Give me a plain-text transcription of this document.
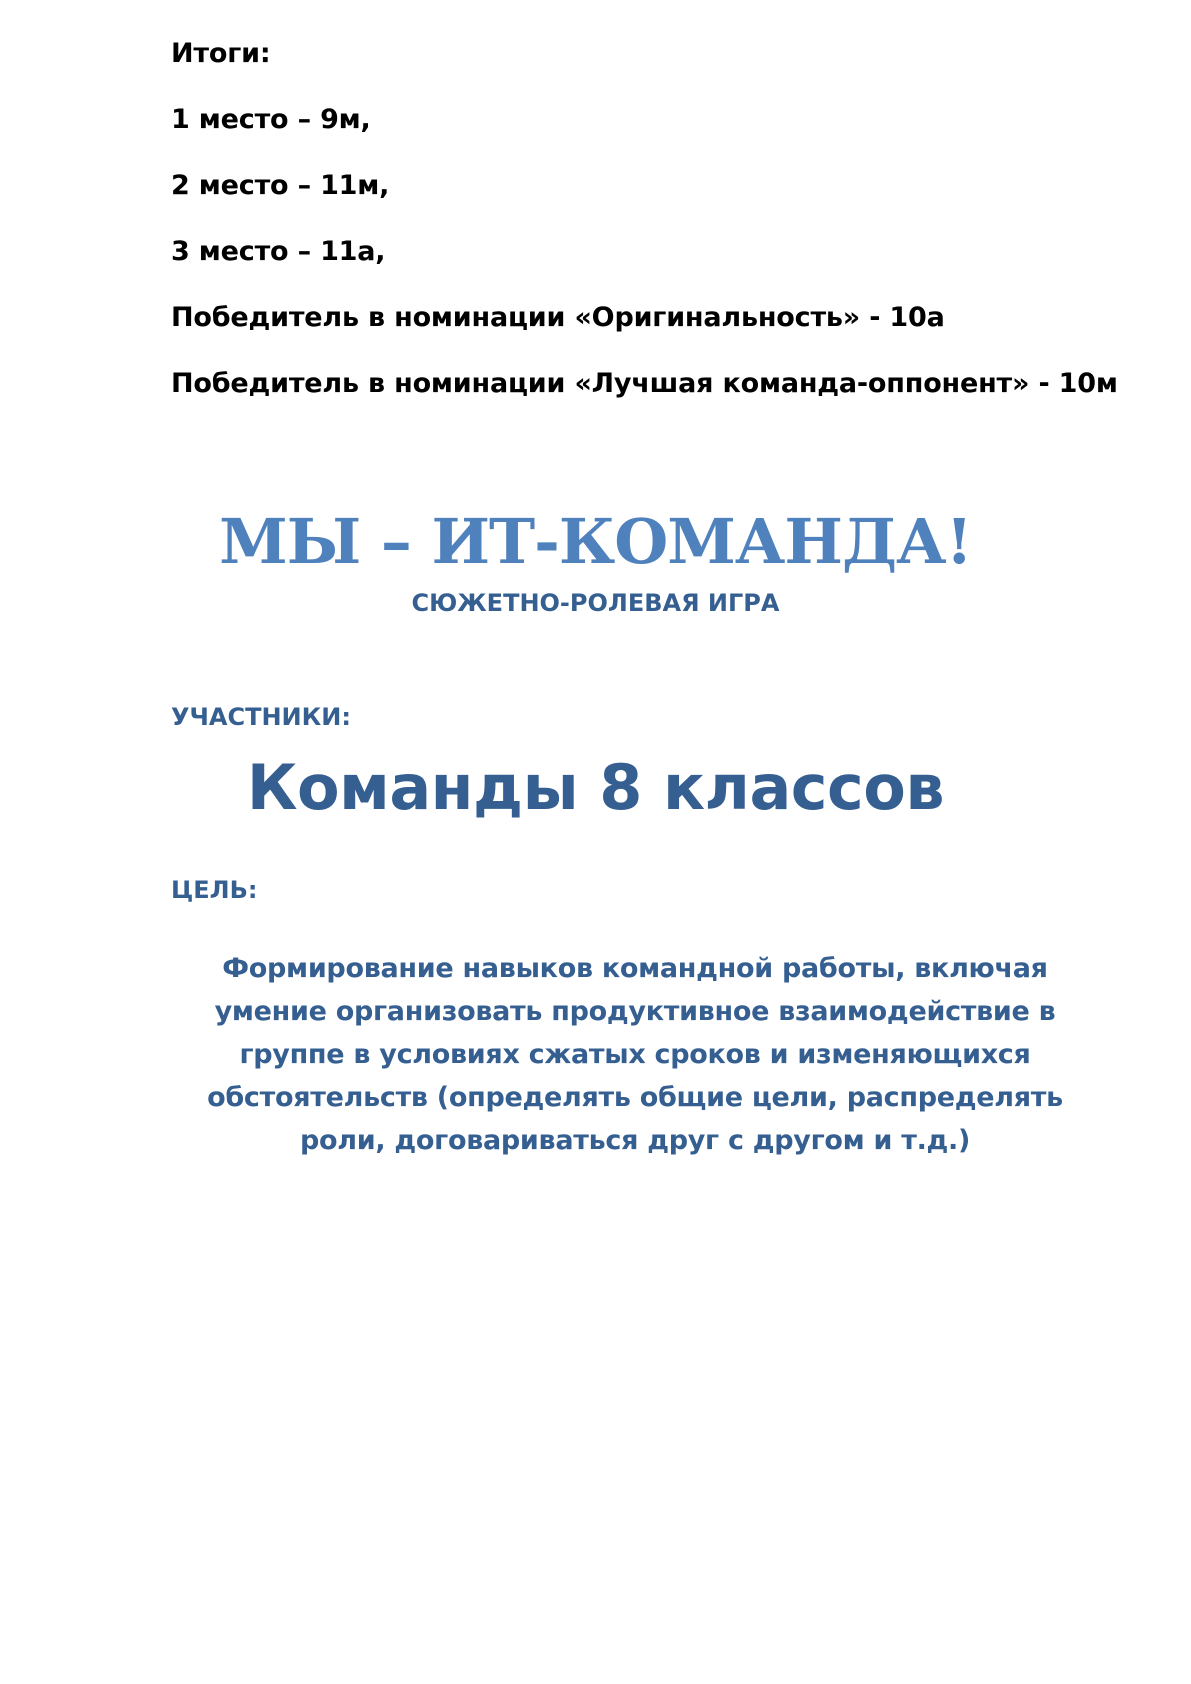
Итоги:
1 место – 9м,
2 место – 11м,
3 место – 11а,
Победитель в номинации «Оригинальность» - 10а
Победитель в номинации «Лучшая команда-оппонент» - 10м
МЫ – ИТ-КОМАНДА!
СЮЖЕТНО-РОЛЕВАЯ ИГРА
УЧАСТНИКИ:
Команды 8 классов
ЦЕЛЬ:
Формирование навыков командной работы, включая умение организовать продуктивное взаимодействие в группе в условиях сжатых сроков и изменяющихся обстоятельств (определять общие цели, распределять роли, договариваться друг с другом и т.д.)
